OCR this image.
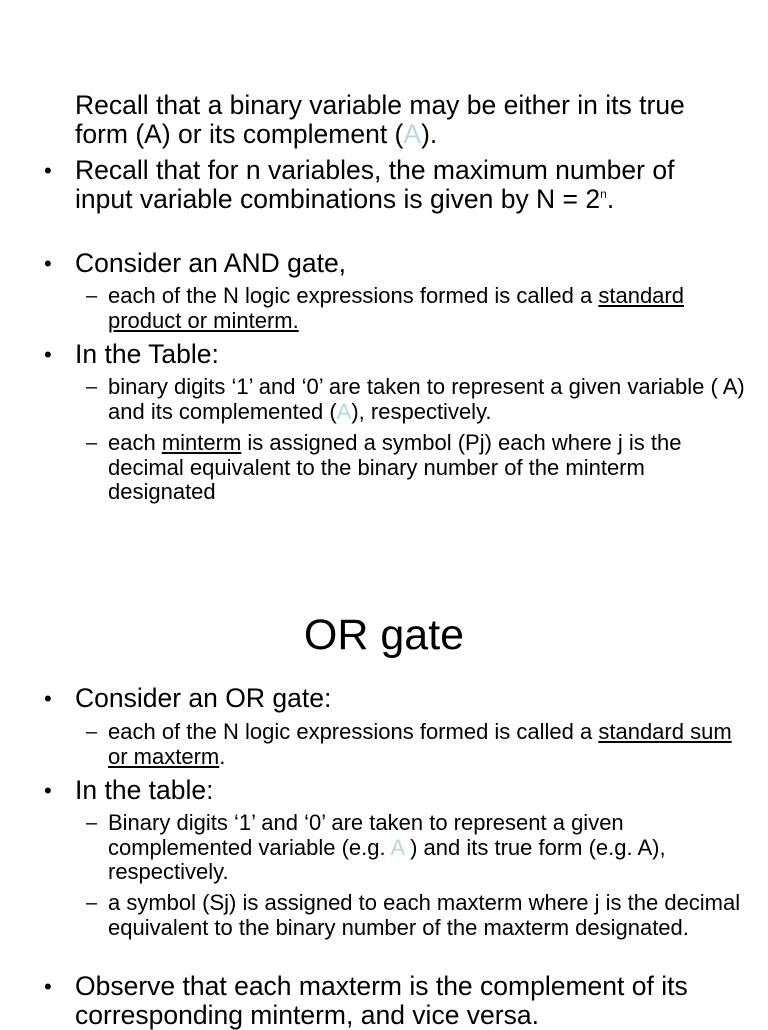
Recall that a binary variable may be either in its true form (A) or its complement (A).
• Recall that for n variables, the maximum number of input variable combinations is given by $N = 2^n$.
• Consider an AND gate,
– each of the N logic expressions formed is called a standard product or minterm.
• In the Table:
– binary digits ‘1’ and ‘0’ are taken to represent a given variable ( A) and its complemented (A), respectively.
– each minterm is assigned a symbol (Pj) each where j is the decimal equivalent to the binary number of the minterm designated
OR gate
• Consider an OR gate:
– each of the N logic expressions formed is called a standard sum or maxterm.
• In the table:
– Binary digits ‘1’ and ‘0’ are taken to represent a given complemented variable (e.g. A ) and its true form (e.g. A), respectively.
– a symbol (Sj) is assigned to each maxterm where j is the decimal equivalent to the binary number of the maxterm designated.
• Observe that each maxterm is the complement of its corresponding minterm, and vice versa.
